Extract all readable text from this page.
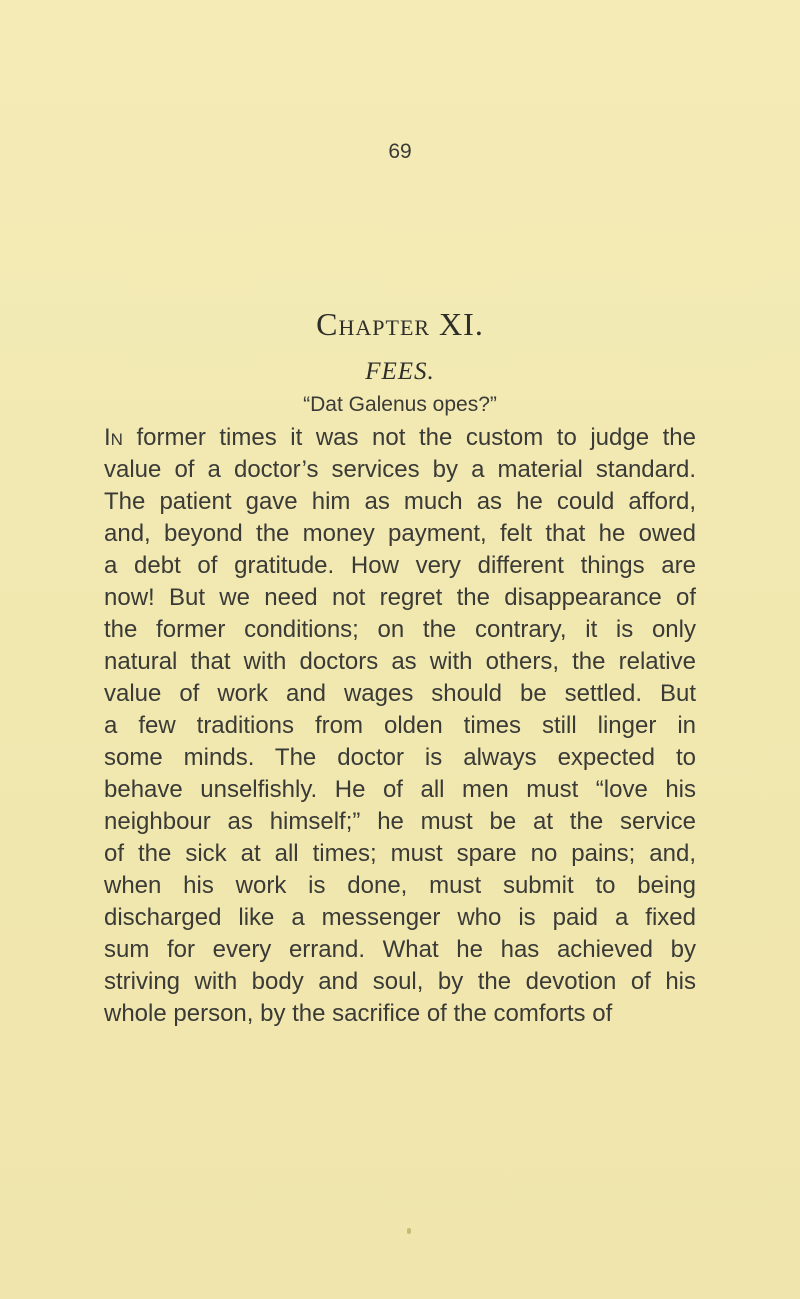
69
Chapter XI.
FEES.
“Dat Galenus opes?”
In former times it was not the custom to judge the
value of a doctor’s services by a material standard.
The patient gave him as much as he could afford,
and, beyond the money payment, felt that he owed
a debt of gratitude. How very different things are
now! But we need not regret the disappearance of
the former conditions; on the contrary, it is only
natural that with doctors as with others, the relative
value of work and wages should be settled. But
a few traditions from olden times still linger in
some minds. The doctor is always expected to
behave unselfishly. He of all men must “love his
neighbour as himself;” he must be at the service
of the sick at all times; must spare no pains; and,
when his work is done, must submit to being
discharged like a messenger who is paid a fixed
sum for every errand. What he has achieved by
striving with body and soul, by the devotion of his
whole person, by the sacrifice of the comforts of
